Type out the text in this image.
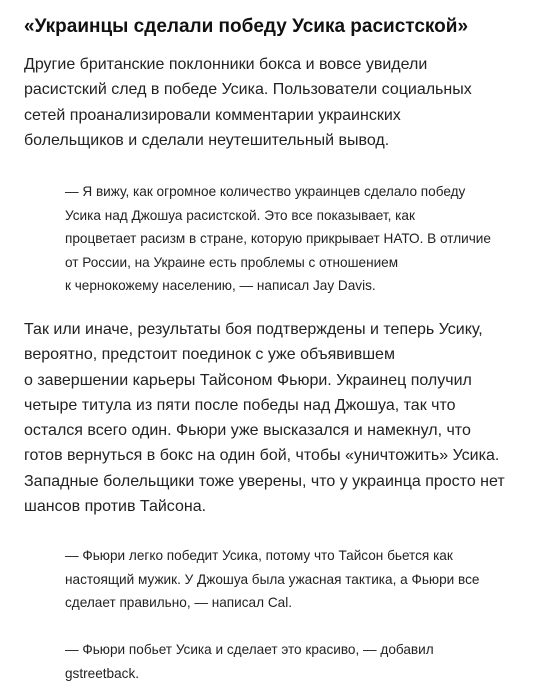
«Украинцы сделали победу Усика расистской»

Другие британские поклонники бокса и вовсе увидели
расистский след в победе Усика. Пользователи социальных
сетей проанализировали комментарии украинских
болельщиков и сделали неутешительный вывод.

— Я вижу, как огромное количество украинцев сделало победу
Усика над Джошуа расистской. Это все показывает, как
процветает расизм в стране, которую прикрывает НАТО. В отличие
от России, на Украине есть проблемы с отношением
к чернокожему населению, — написал Jay Davis.

Так или иначе, результаты боя подтверждены и теперь Усику,
вероятно, предстоит поединок с уже объявившем
о завершении карьеры Тайсоном Фьюри. Украинец получил
четыре титула из пяти после победы над Джошуа, так что
остался всего один. Фьюри уже высказался и намекнул, что
готов вернуться в бокс на один бой, чтобы «уничтожить» Усика.
Западные болельщики тоже уверены, что у украинца просто нет
шансов против Тайсона.

— Фьюри легко победит Усика, потому что Тайсон бьется как
настоящий мужик. У Джошуа была ужасная тактика, а Фьюри все
сделает правильно, — написал Cal.
— Фьюри побьет Усика и сделает это красиво, — добавил
gstreetback.
